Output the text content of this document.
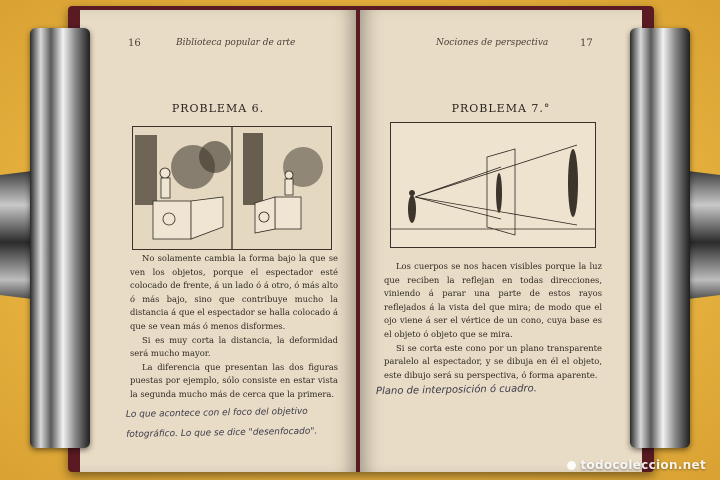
16	Biblioteca popular de arte
PROBLEMA 6.

No solamente cambia la forma bajo la que se ven los objetos, porque el espectador esté colocado de frente, á un lado ó á otro, ó más alto ó más bajo, sino que contribuye mucho la distancia á que el espectador se halla colocado á que se vean más ó menos disformes.

Si es muy corta la distancia, la deformidad será mucho mayor.

La diferencia que presentan las dos figuras puestas por ejemplo, sólo consiste en estar vista la segunda mucho más de cerca que la primera.

Lo que acontece con el foco del objetivo fotográfico. Lo que se dice "desenfocado".
Nociones de perspectiva	17
PROBLEMA 7.°

Los cuerpos se nos hacen visibles porque la luz que reciben la reflejan en todas direcciones, viniendo á parar una parte de estos rayos reflejados á la vista del que mira; de modo que el ojo viene á ser el vértice de un cono, cuya base es el objeto ó objeto que se mira.

Si se corta este cono por un plano transparente paralelo al espectador, y se dibuja en él el objeto, este dibujo será su perspectiva, ó forma aparente.

Plano de interposición ó cuadro.
todocoleccion.net
